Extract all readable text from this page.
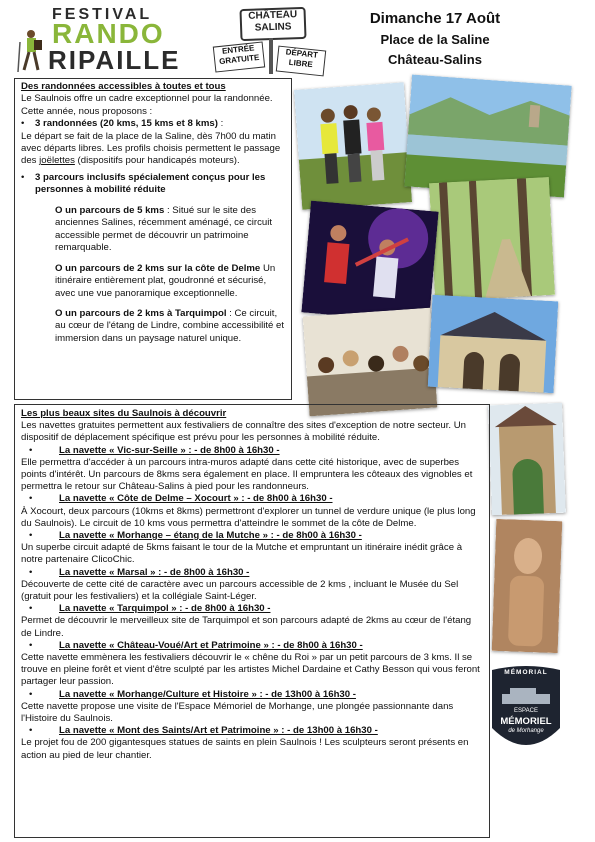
FESTIVAL
RANDO
RIPAILLE
CHÂTEAU SALINS
ENTRÉE GRATUITE	DÉPART LIBRE
Dimanche 17 Août
Place de la Saline
Château-Salins

Des randonnées accessibles à toutes et tous

Le Saulnois offre un cadre exceptionnel pour la randonnée. Cette année, nous proposons :

•	3 randonnées (20 kms, 15 kms et 8 kms) :

Le départ se fait de la place de la Saline, dès 7h00 du matin avec départs libres. Les profils choisis permettent le passage des joëlettes (dispositifs pour handicapés moteurs).

•	3 parcours inclusifs spécialement conçus pour les personnes à mobilité réduite

O un parcours de 5 kms : Situé sur le site des anciennes Salines, récemment aménagé, ce circuit accessible permet de découvrir un patrimoine remarquable.

O un parcours de 2 kms sur la côte de Delme Un itinéraire entièrement plat, goudronné et sécurisé, avec une vue panoramique exceptionnelle.

O un parcours de 2 kms à Tarquimpol : Ce circuit, au cœur de l'étang de Lindre, combine accessibilité et immersion dans un paysage naturel unique.

MÉMORIAL
ESPACE
MÉMORIEL
de Morhange

Les plus beaux sites du Saulnois à découvrir

Les navettes gratuites permettent aux festivaliers de connaître des sites d'exception de notre secteur. Un dispositif de déplacement spécifique est prévu pour les personnes à mobilité réduite.

•	La navette « Vic-sur-Seille » : - de 8h00 à 16h30 -

Elle permettra d'accéder à un parcours intra-muros adapté dans cette cité historique, avec de superbes points d'intérêt. Un parcours de 8kms sera également en place. Il empruntera les côteaux des vignobles et permettra le retour sur Château-Salins à pied pour les randonneurs.

•	La navette « Côte de Delme – Xocourt » : - de 8h00 à 16h30 -

À Xocourt, deux parcours (10kms et 8kms) permettront d'explorer un tunnel de verdure unique (le plus long du Saulnois). Le circuit de 10 kms vous permettra d'atteindre le sommet de la côte de Delme.

•	La navette « Morhange – étang de la Mutche » : - de 8h00 à 16h30 -

Un superbe circuit adapté de 5kms faisant le tour de la Mutche et empruntant un itinéraire inédit grâce à notre partenaire ClicoChic.

•	La navette « Marsal » : - de 8h00 à 16h30 -

Découverte de cette cité de caractère avec un parcours accessible de 2 kms , incluant le Musée du Sel (gratuit pour les festivaliers) et la collégiale Saint-Léger.

•	La navette « Tarquimpol » : - de 8h00 à 16h30 -

Permet de découvrir le merveilleux site de Tarquimpol et son parcours adapté de 2kms au cœur de l'étang de Lindre.

•	La navette « Château-Voué/Art et Patrimoine » : - de 8h00 à 16h30 -

Cette navette emmènera les festivaliers découvrir le « chêne du Roi » par un petit parcours de 3 kms. Il se trouve en pleine forêt et vient d'être sculpté par les artistes Michel Dardaine et Cathy Besson qui vous feront partager leur passion.

•	La navette « Morhange/Culture et Histoire » : - de 13h00 à 16h30 -

Cette navette propose une visite de l'Espace Mémoriel de Morhange, une plongée passionnante dans l'Histoire du Saulnois.

•	La navette « Mont des Saints/Art et Patrimoine » : - de 13h00 à 16h30 -

Le projet fou de 200 gigantesques statues de saints en plein Saulnois ! Les sculpteurs seront présents en action au pied de leur chantier.
